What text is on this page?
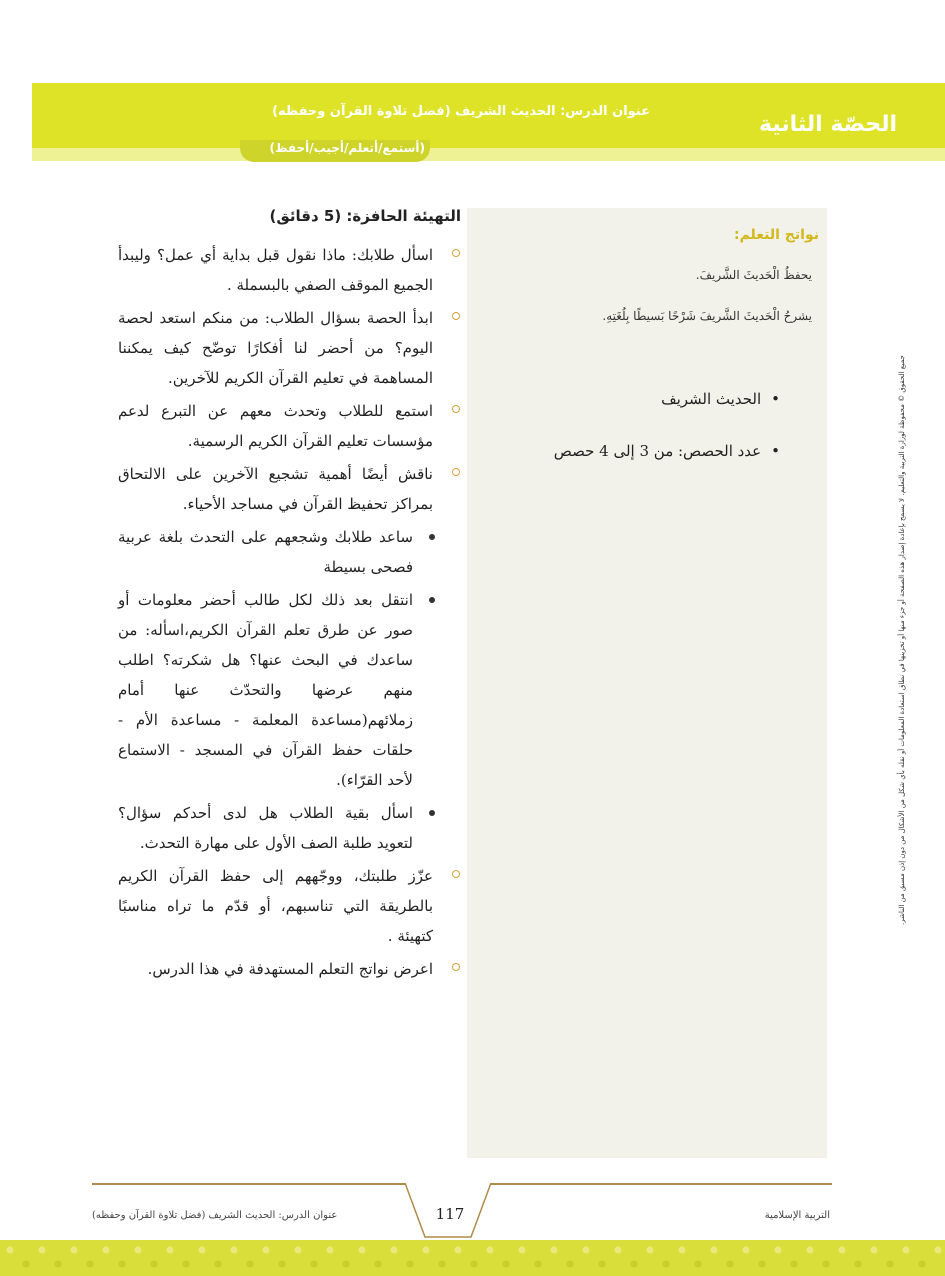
الحصّة الثانية
عنوان الدرس: الحديث الشريف (فضل تلاوة القرآن وحفظه)
(أستمع/أتعلم/أجيب/أحفظ)
نواتج التعلم:
يحفظُ الْحَديثَ الشَّريفَ.
يشرحُ الْحَديثَ الشَّريفَ شَرْحًا بَسيطًا بِلُغَتِهِ.
•الحديث الشريف
•عدد الحصص: من 3 إلى 4 حصص
التهيئة الحافزة: (5 دقائق)
اسأل طلابك: ماذا نقول قبل بداية أي عمل؟ وليبدأ الجميع الموقف الصفي بالبسملة .
ابدأ الحصة بسؤال الطلاب: من منكم استعد لحصة اليوم؟ من أحضر لنا أفكارًا توضّح كيف يمكننا المساهمة في تعليم القرآن الكريم للآخرين.
استمع للطلاب وتحدث معهم عن التبرع لدعم مؤسسات تعليم القرآن الكريم الرسمية.
ناقش أيضًا أهمية تشجيع الآخرين على الالتحاق بمراكز تحفيظ القرآن في مساجد الأحياء.
ساعد طلابك وشجعهم على التحدث بلغة عربية فصحى بسيطة
انتقل بعد ذلك لكل طالب أحضر معلومات أو صور عن طرق تعلم القرآن الكريم،اسأله: من ساعدك في البحث عنها؟ هل شكرته؟ اطلب منهم عرضها والتحدّث عنها أمام زملائهم(مساعدة المعلمة - مساعدة الأم - حلقات حفظ القرآن في المسجد - الاستماع لأحد القرّاء).
اسأل بقية الطلاب هل لدى أحدكم سؤال؟ لتعويد طلبة الصف الأول على مهارة التحدث.
عزّز طلبتك، ووجّههم إلى حفظ القرآن الكريم بالطريقة التي تناسبهم، أو قدّم ما تراه مناسبًا كتهيئة .
اعرض نواتج التعلم المستهدفة في هذا الدرس.
جميع الحقوق © محفوظة لوزارة التربية والتعليم. لا يسمح بإعادة إصدار هذه الصفحة أو جزء منها أو تخزينها في نطاق استعادة المعلومات أو نقله بأي شكل من الأشكال من دون إذن مسبق من الناشر.
117
عنوان الدرس: الحديث الشريف (فضل تلاوة القرآن وحفظه)	التربية الإسلامية
